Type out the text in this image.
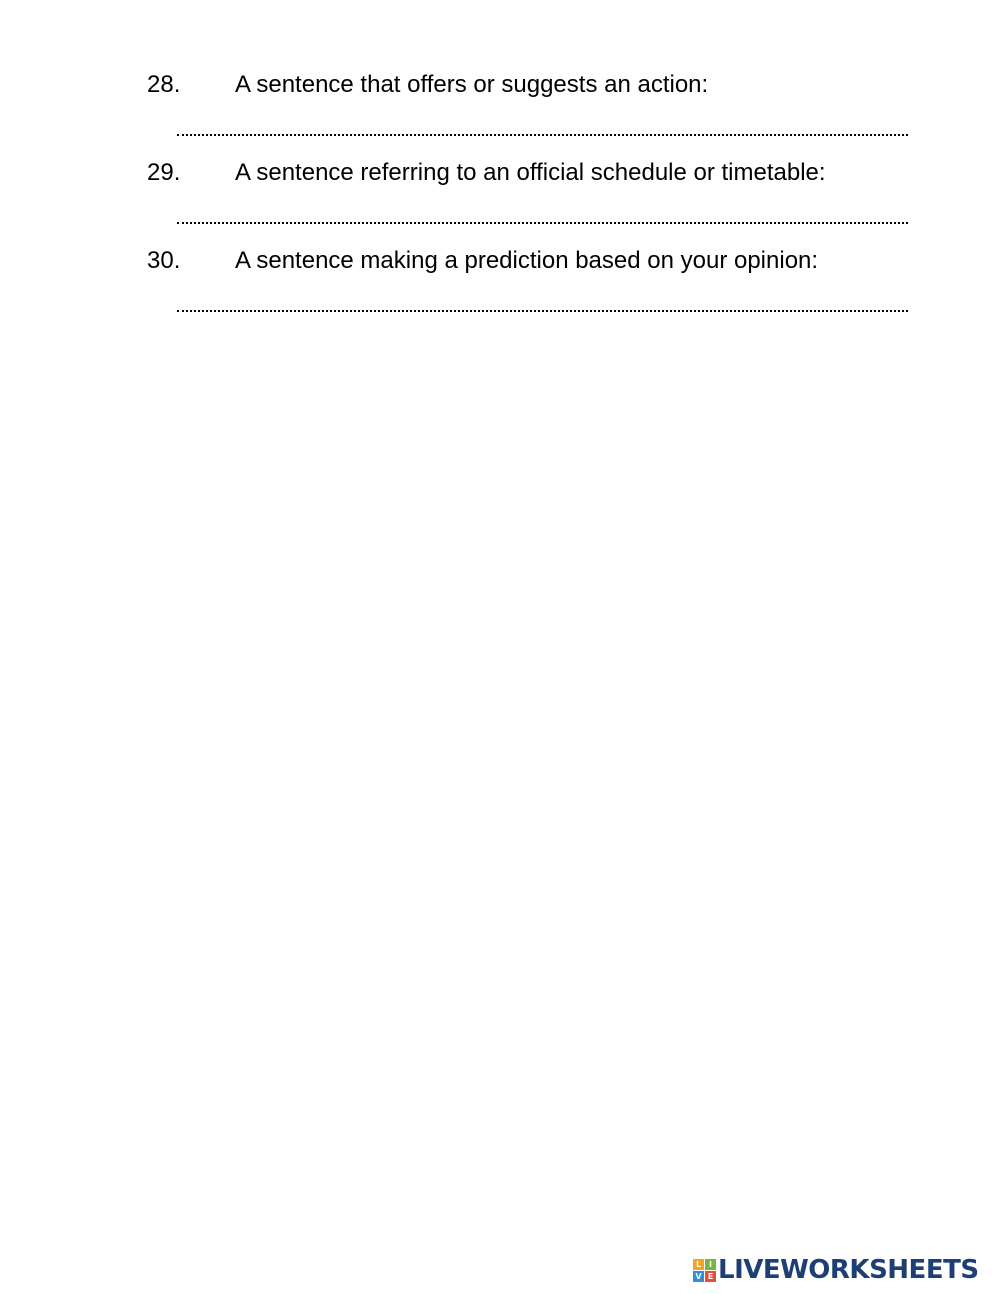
28. A sentence that offers or suggests an action:
29. A sentence referring to an official schedule or timetable:
30. A sentence making a prediction based on your opinion:
L I
V E LIVEWORKSHEETS
